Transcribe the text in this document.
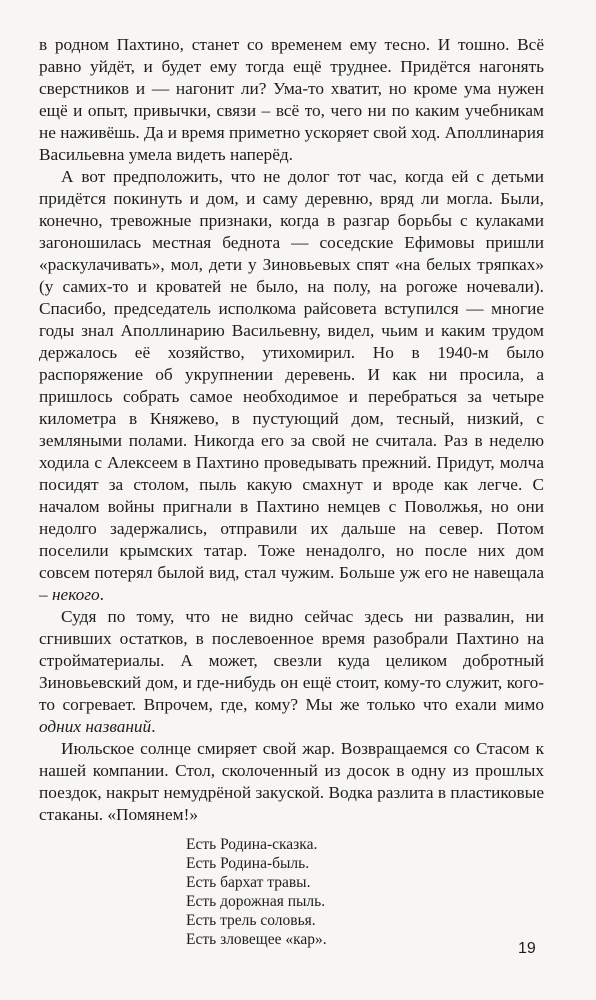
в родном Пахтино, станет со временем ему тесно. И тошно. Всё равно уйдёт, и будет ему тогда ещё труднее. Придётся нагонять сверстников и — нагонит ли? Ума-то хватит, но кроме ума нужен ещё и опыт, привычки, связи – всё то, чего ни по каким учебникам не наживёшь. Да и время приметно ускоряет свой ход. Аполлинария Васильевна умела видеть наперёд.

А вот предположить, что не долог тот час, когда ей с детьми придётся покинуть и дом, и саму деревню, вряд ли могла. Были, конечно, тревожные признаки, когда в разгар борьбы с кулаками загоношилась местная беднота — соседские Ефимовы пришли «раскулачивать», мол, дети у Зиновьевых спят «на белых тряпках» (у самих-то и кроватей не было, на полу, на рогоже ночевали). Спасибо, председатель исполкома райсовета вступился — многие годы знал Аполлинарию Васильевну, видел, чьим и каким трудом держалось её хозяйство, утихомирил. Но в 1940-м было распоряжение об укрупнении деревень. И как ни просила, а пришлось собрать самое необходимое и перебраться за четыре километра в Княжево, в пустующий дом, тесный, низкий, с земляными полами. Никогда его за свой не считала. Раз в неделю ходила с Алексеем в Пахтино проведывать прежний. Придут, молча посидят за столом, пыль какую смахнут и вроде как легче. С началом войны пригнали в Пахтино немцев с Поволжья, но они недолго задержались, отправили их дальше на север. Потом поселили крымских татар. Тоже ненадолго, но после них дом совсем потерял былой вид, стал чужим. Больше уж его не навещала – некого.

Судя по тому, что не видно сейчас здесь ни развалин, ни сгнивших остатков, в послевоенное время разобрали Пахтино на стройматериалы. А может, свезли куда целиком добротный Зиновьевский дом, и где-нибудь он ещё стоит, кому-то служит, кого-то согревает. Впрочем, где, кому? Мы же только что ехали мимо одних названий.

Июльское солнце смиряет свой жар. Возвращаемся со Стасом к нашей компании. Стол, сколоченный из досок в одну из прошлых поездок, накрыт немудрёной закуской. Водка разлита в пластиковые стаканы. «Помянем!»

Есть Родина-сказка.
Есть Родина-быль.
Есть бархат травы.
Есть дорожная пыль.
Есть трель соловья.
Есть зловещее «кар».
19
